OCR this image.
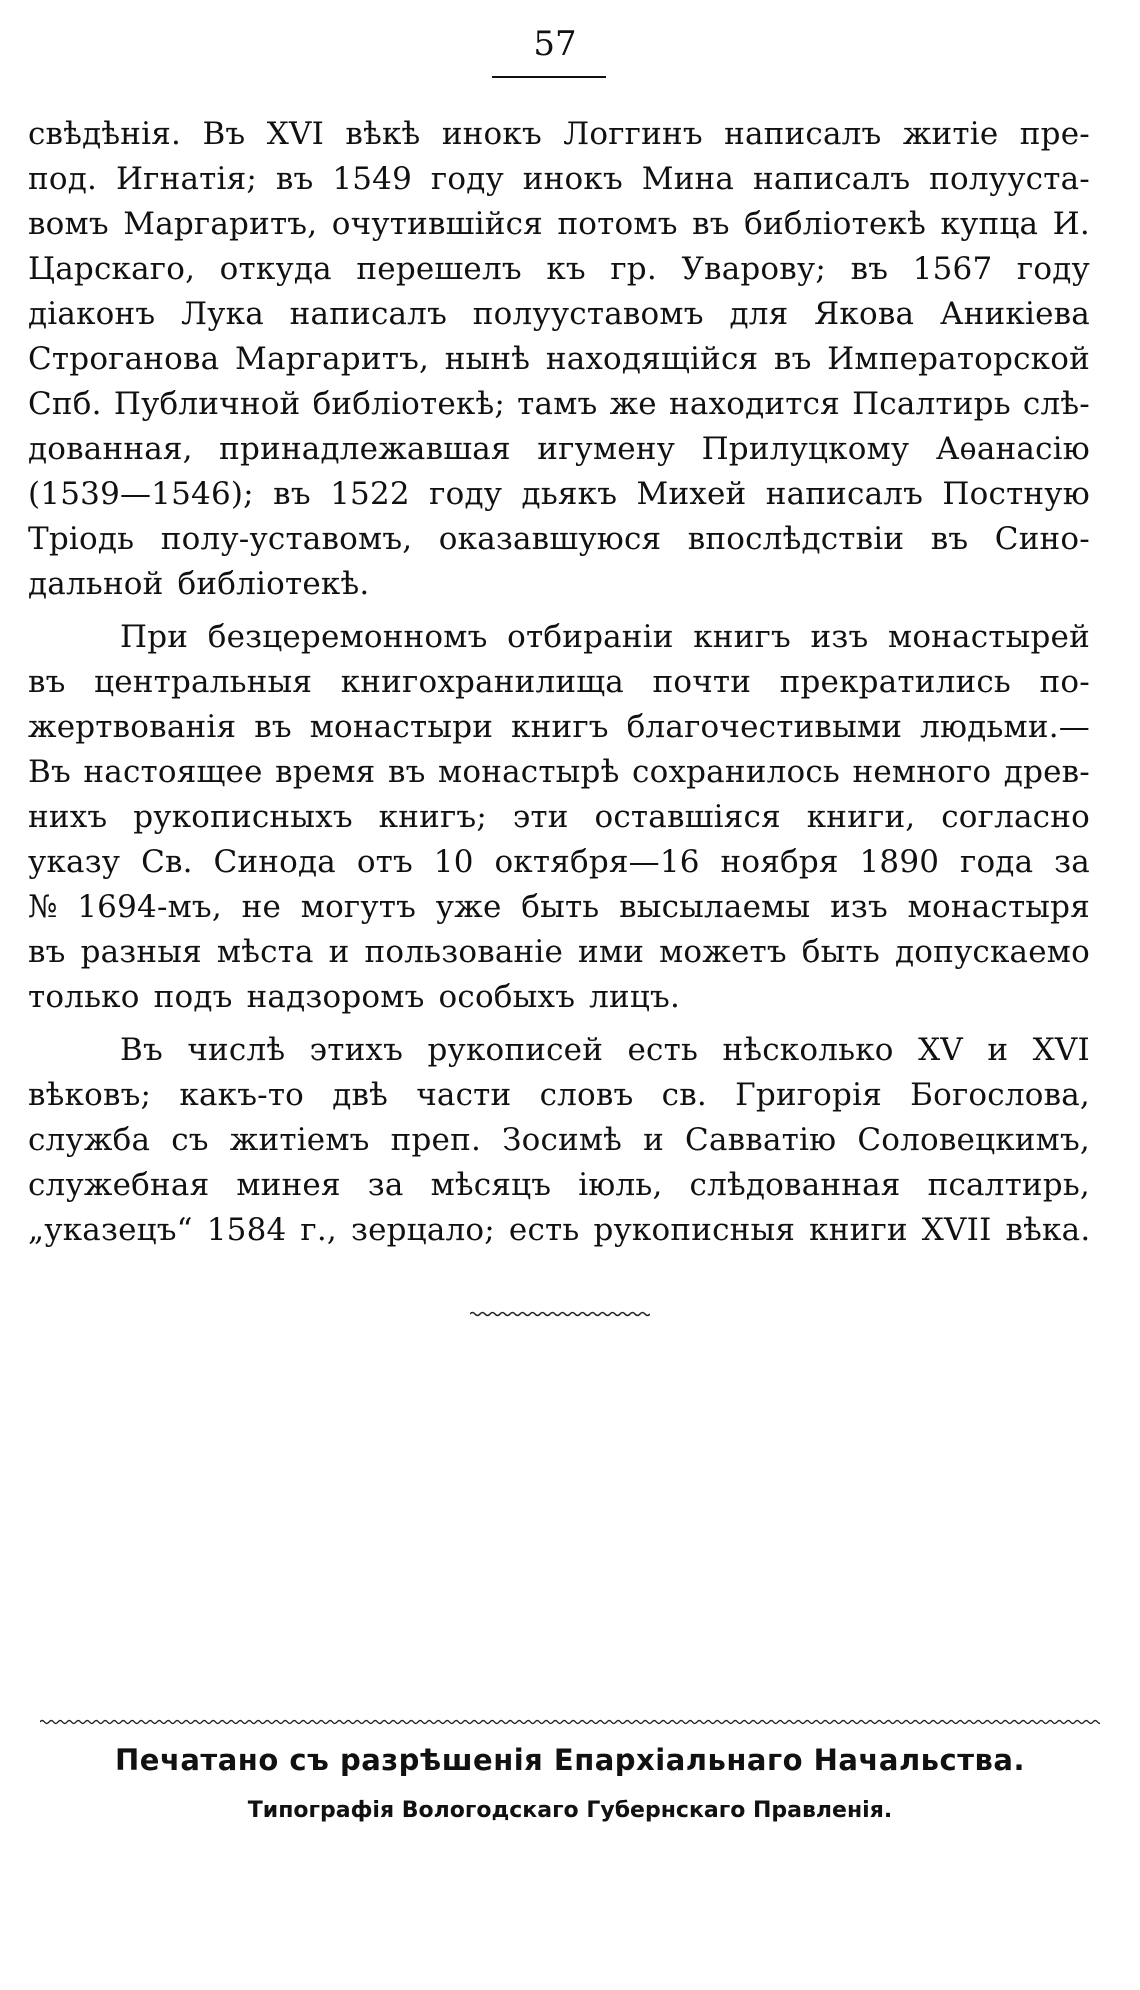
57
свѣдѣнія. Въ XVI вѣкѣ инокъ Логгинъ написалъ житіе пре-
под. Игнатія; въ 1549 году инокъ Мина написалъ полууста-
вомъ Маргаритъ, очутившійся потомъ въ библіотекѣ купца И.
Царскаго, откуда перешелъ къ гр. Уварову; въ 1567 году
діаконъ Лука написалъ полууставомъ для Якова Аникіева
Строганова Маргаритъ, нынѣ находящійся въ Императорской
Спб. Публичной библіотекѣ; тамъ же находится Псалтирь слѣ-
дованная, принадлежавшая игумену Прилуцкому Аѳанасію
(1539—1546); въ 1522 году дьякъ Михей написалъ Постную
Тріодь полу-уставомъ, оказавшуюся впослѣдствіи въ Сино-
дальной библіотекѣ.
При безцеремонномъ отбираніи книгъ изъ монастырей
въ центральныя книгохранилища почти прекратились по-
жертвованія въ монастыри книгъ благочестивыми людьми.—
Въ настоящее время въ монастырѣ сохранилось немного древ-
нихъ рукописныхъ книгъ; эти оставшіяся книги, согласно
указу Св. Синода отъ 10 октября—16 ноября 1890 года за
№ 1694-мъ, не могутъ уже быть высылаемы изъ монастыря
въ разныя мѣста и пользованіе ими можетъ быть допускаемо
только подъ надзоромъ особыхъ лицъ.
Въ числѣ этихъ рукописей есть нѣсколько XV и XVI
вѣковъ; какъ-то двѣ части словъ св. Григорія Богослова,
служба съ житіемъ преп. Зосимѣ и Савватію Соловецкимъ,
служебная минея за мѣсяцъ іюль, слѣдованная псалтирь,
„указецъ“ 1584 г., зерцало; есть рукописныя книги XVII вѣка.
Печатано съ разрѣшенія Епархіальнаго Начальства.
Типографія Вологодскаго Губернскаго Правленія.
